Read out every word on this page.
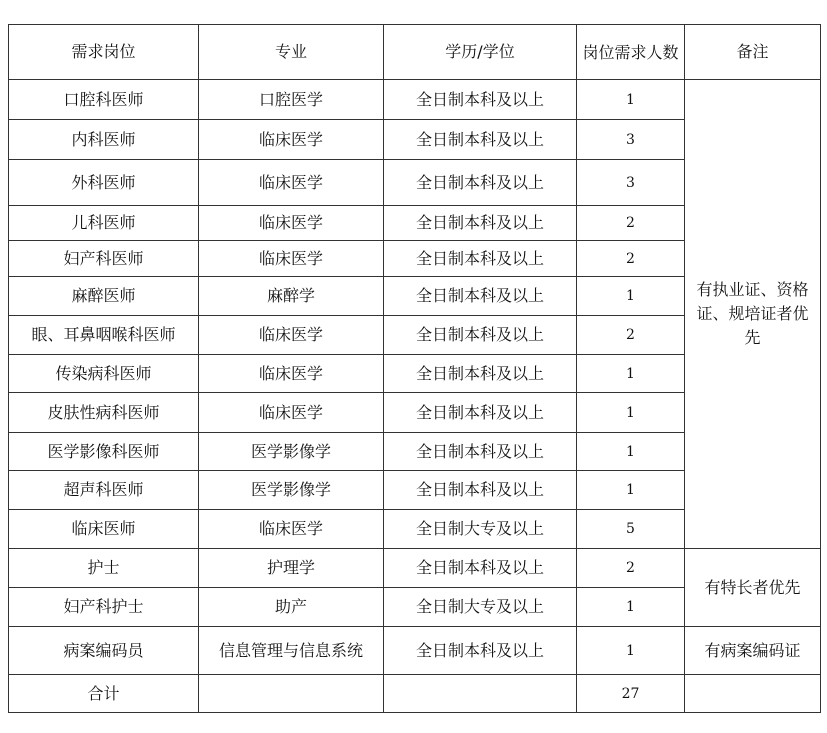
需求岗位	专业	学历/学位	岗位需求人数	备注
口腔科医师	口腔医学	全日制本科及以上	1	有执业证、资格证、规培证者优先
内科医师	临床医学	全日制本科及以上	3	
外科医师	临床医学	全日制本科及以上	3	
儿科医师	临床医学	全日制本科及以上	2	
妇产科医师	临床医学	全日制本科及以上	2	
麻醉医师	麻醉学	全日制本科及以上	1	
眼、耳鼻咽喉科医师	临床医学	全日制本科及以上	2	
传染病科医师	临床医学	全日制本科及以上	1	
皮肤性病科医师	临床医学	全日制本科及以上	1	
医学影像科医师	医学影像学	全日制本科及以上	1	
超声科医师	医学影像学	全日制本科及以上	1	
临床医师	临床医学	全日制大专及以上	5	
护士	护理学	全日制本科及以上	2	有特长者优先
妇产科护士	助产	全日制大专及以上	1	
病案编码员	信息管理与信息系统	全日制本科及以上	1	有病案编码证
合计			27	
